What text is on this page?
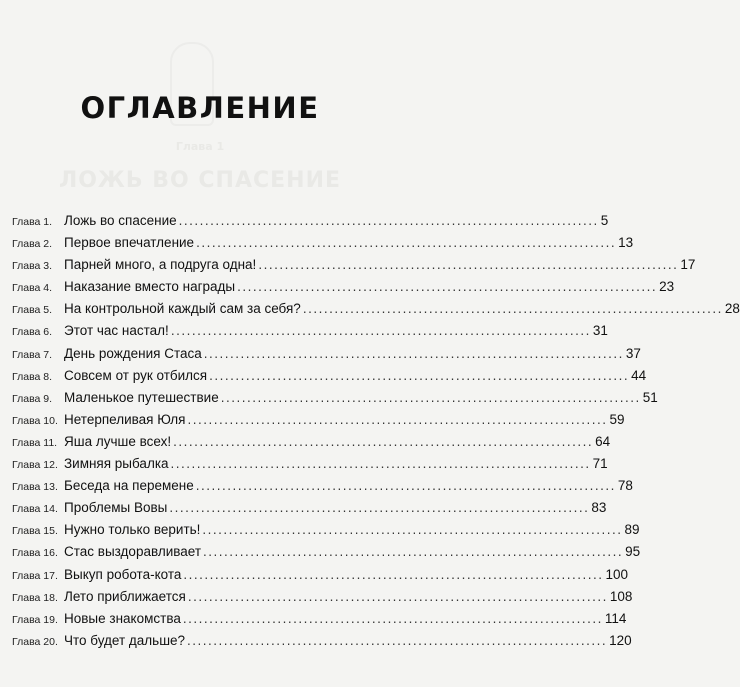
Глава 1
ЛОЖЬ ВО СПАСЕНИЕ
ОГЛАВЛЕНИЕ
Глава 1. Ложь во спасение ................................................................................ 5
Глава 2. Первое впечатление ................................................................................ 13
Глава 3. Парней много, а подруга одна! ................................................................................ 17
Глава 4. Наказание вместо награды ................................................................................ 23
Глава 5. На контрольной каждый сам за себя? ................................................................................ 28
Глава 6. Этот час настал! ................................................................................ 31
Глава 7. День рождения Стаса ................................................................................ 37
Глава 8. Совсем от рук отбился ................................................................................ 44
Глава 9. Маленькое путешествие ................................................................................ 51
Глава 10. Нетерпеливая Юля ................................................................................ 59
Глава 11. Яша лучше всех! ................................................................................ 64
Глава 12. Зимняя рыбалка ................................................................................ 71
Глава 13. Беседа на перемене ................................................................................ 78
Глава 14. Проблемы Вовы ................................................................................ 83
Глава 15. Нужно только верить! ................................................................................ 89
Глава 16. Стас выздоравливает ................................................................................ 95
Глава 17. Выкуп робота-кота ................................................................................ 100
Глава 18. Лето приближается ................................................................................ 108
Глава 19. Новые знакомства ................................................................................ 114
Глава 20. Что будет дальше? ................................................................................ 120
